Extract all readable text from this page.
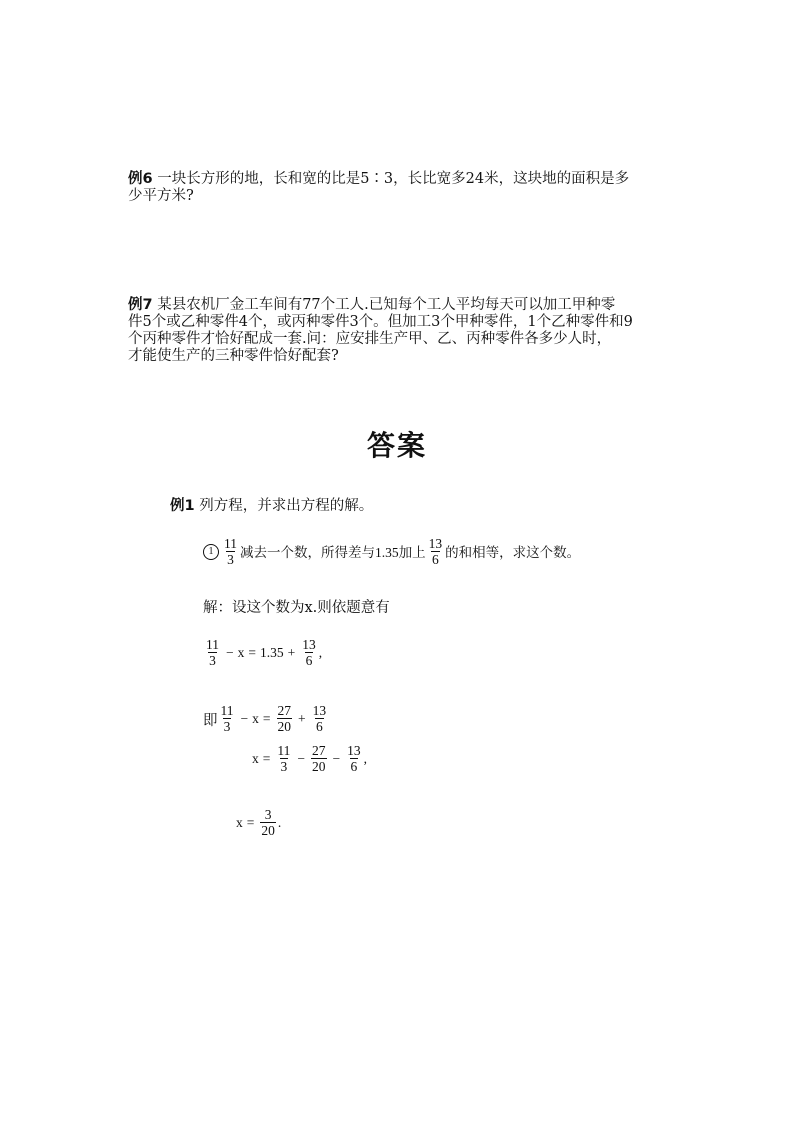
例6 一块长方形的地，长和宽的比是5∶3，长比宽多24米，这块地的面积是多
少平方米?
例7 某县农机厂金工车间有77个工人.已知每个工人平均每天可以加工甲种零
件5个或乙种零件4个，或丙种零件3个。但加工3个甲种零件，1个乙种零件和9
个丙种零件才恰好配成一套.问：应安排生产甲、乙、丙种零件各多少人时，
才能使生产的三种零件恰好配套?
答案
例1 列方程，并求出方程的解。
$1 \frac{11}{3}$ 减去一个数，所得差与1.35加上 $\frac{13}{6}$ 的和相等，求这个数。
解：设这个数为x.则依题意有
$\frac{11}{3} - x = 1.35 + \frac{13}{6}$ ,
即 $\frac{11}{3} - x = \frac{27}{20} + \frac{13}{6}$
$x = \frac{11}{3} - \frac{27}{20} - \frac{13}{6}$ ,
$x = \frac{3}{20}$ .
